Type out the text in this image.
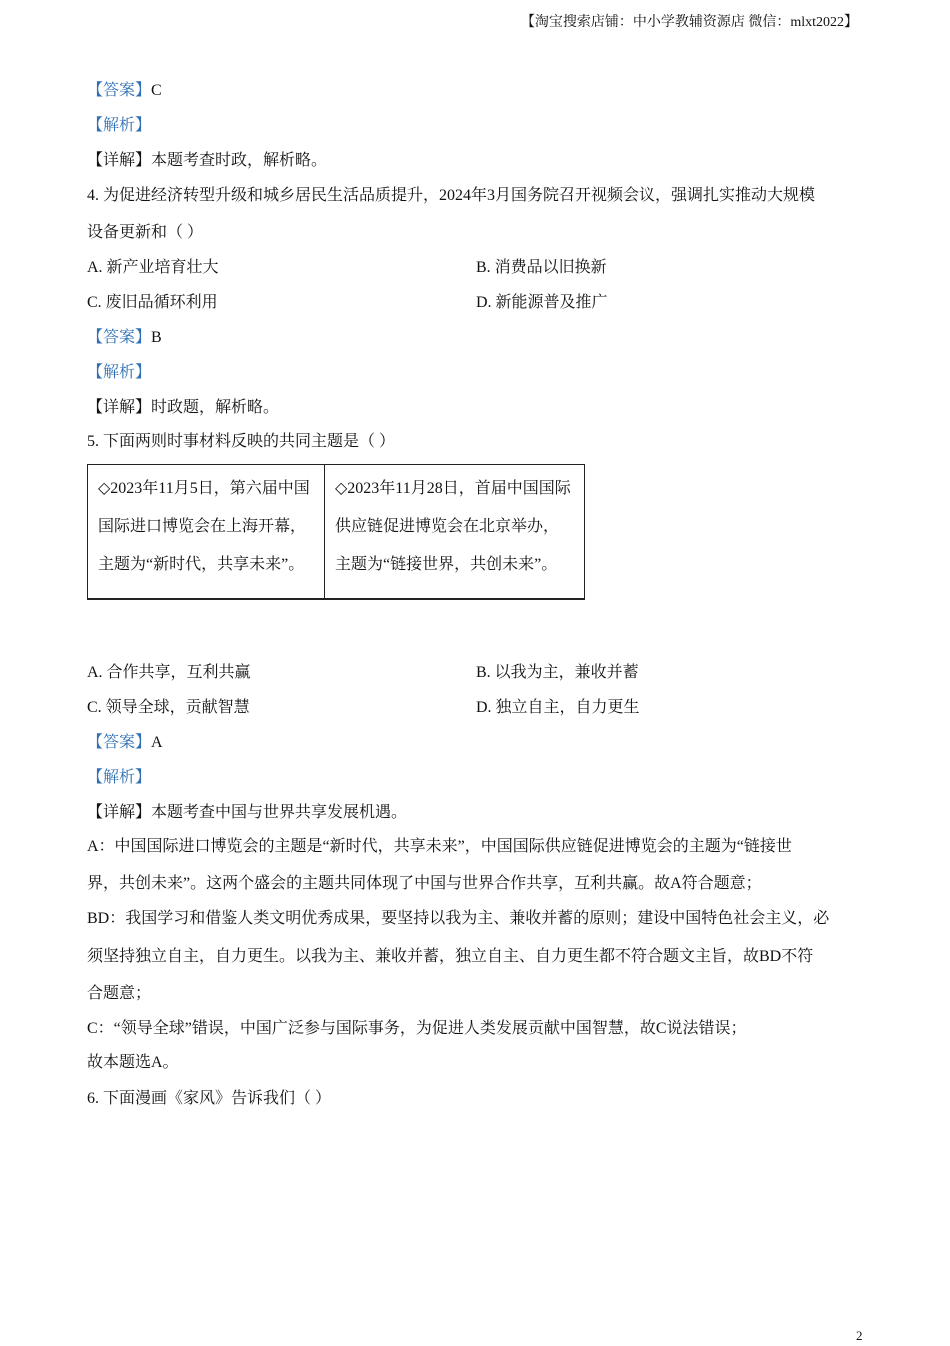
【淘宝搜索店铺：中小学教辅资源店 微信：mlxt2022】
【答案】C
【解析】
【详解】本题考查时政，解析略。
4. 为促进经济转型升级和城乡居民生活品质提升，2024年3月国务院召开视频会议，强调扎实推动大规模
设备更新和（ ）
A. 新产业培育壮大	B. 消费品以旧换新
C. 废旧品循环利用	D. 新能源普及推广
【答案】B
【解析】
【详解】时政题，解析略。
5. 下面两则时事材料反映的共同主题是（ ）
◇2023年11月5日，第六届中国国际进口博览会在上海开幕，主题为“新时代，共享未来”。	◇2023年11月28日，首届中国国际供应链促进博览会在北京举办，主题为“链接世界，共创未来”。
A. 合作共享，互利共赢	B. 以我为主，兼收并蓄
C. 领导全球，贡献智慧	D. 独立自主，自力更生
【答案】A
【解析】
【详解】本题考查中国与世界共享发展机遇。
A：中国国际进口博览会的主题是“新时代，共享未来”，中国国际供应链促进博览会的主题为“链接世
界，共创未来”。这两个盛会的主题共同体现了中国与世界合作共享，互利共赢。故A符合题意；
BD：我国学习和借鉴人类文明优秀成果，要坚持以我为主、兼收并蓄的原则；建设中国特色社会主义，必
须坚持独立自主，自力更生。以我为主、兼收并蓄，独立自主、自力更生都不符合题文主旨，故BD不符
合题意；
C：“领导全球”错误，中国广泛参与国际事务，为促进人类发展贡献中国智慧，故C说法错误；
故本题选A。
6. 下面漫画《家风》告诉我们（ ）
2
